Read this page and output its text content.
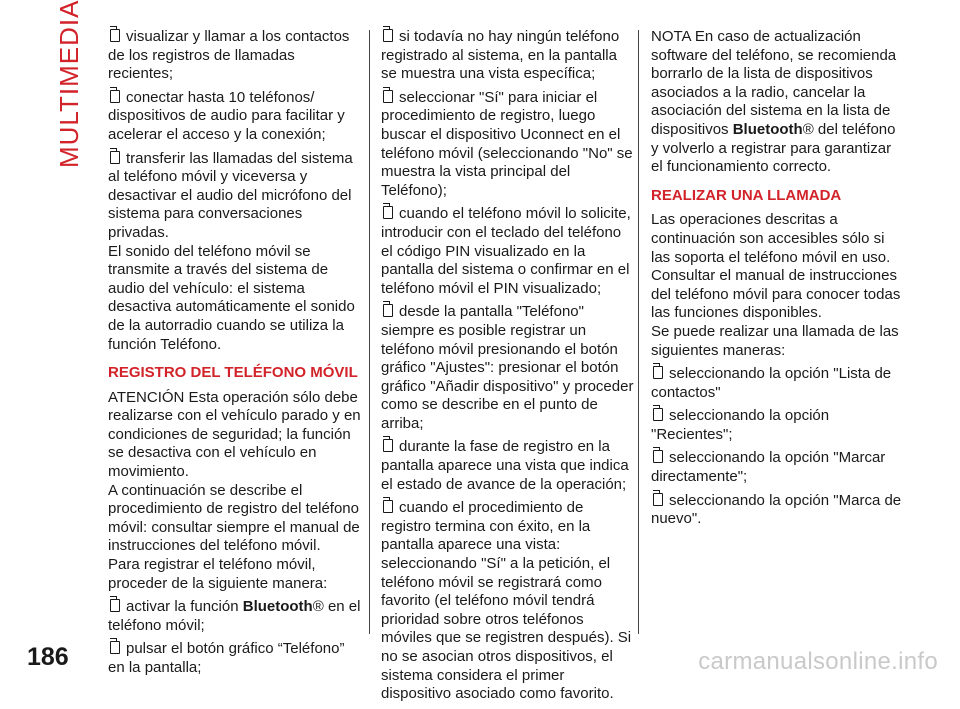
MULTIMEDIA	visualizar y llamar a los contactos de los registros de llamadas recientes;

conectar hasta 10 teléfonos/ dispositivos de audio para facilitar y acelerar el acceso y la conexión;

transferir las llamadas del sistema al teléfono móvil y viceversa y desactivar el audio del micrófono del sistema para conversaciones privadas.

El sonido del teléfono móvil se transmite a través del sistema de audio del vehículo: el sistema desactiva automáticamente el sonido de la autorradio cuando se utiliza la función Teléfono.

REGISTRO DEL TELÉFONO MÓVIL

ATENCIÓN Esta operación sólo debe realizarse con el vehículo parado y en condiciones de seguridad; la función se desactiva con el vehículo en movimiento.

A continuación se describe el procedimiento de registro del teléfono móvil: consultar siempre el manual de instrucciones del teléfono móvil.

Para registrar el teléfono móvil, proceder de la siguiente manera:

activar la función Bluetooth® en el teléfono móvil;

pulsar el botón gráfico “Teléfono” en la pantalla;

si todavía no hay ningún teléfono registrado al sistema, en la pantalla se muestra una vista específica;

seleccionar "Sí" para iniciar el procedimiento de registro, luego buscar el dispositivo Uconnect en el teléfono móvil (seleccionando "No" se muestra la vista principal del Teléfono);

cuando el teléfono móvil lo solicite, introducir con el teclado del teléfono el código PIN visualizado en la pantalla del sistema o confirmar en el teléfono móvil el PIN visualizado;

desde la pantalla "Teléfono" siempre es posible registrar un teléfono móvil presionando el botón gráfico "Ajustes": presionar el botón gráfico "Añadir dispositivo" y proceder como se describe en el punto de arriba;

durante la fase de registro en la pantalla aparece una vista que indica el estado de avance de la operación;

cuando el procedimiento de registro termina con éxito, en la pantalla aparece una vista: seleccionando "Sí" a la petición, el teléfono móvil se registrará como favorito (el teléfono móvil tendrá prioridad sobre otros teléfonos móviles que se registren después). Si no se asocian otros dispositivos, el sistema considera el primer dispositivo asociado como favorito.

NOTA En caso de actualización software del teléfono, se recomienda borrarlo de la lista de dispositivos asociados a la radio, cancelar la asociación del sistema en la lista de dispositivos Bluetooth® del teléfono y volverlo a registrar para garantizar el funcionamiento correcto.

REALIZAR UNA LLAMADA

Las operaciones descritas a continuación son accesibles sólo si las soporta el teléfono móvil en uso. Consultar el manual de instrucciones del teléfono móvil para conocer todas las funciones disponibles.

Se puede realizar una llamada de las siguientes maneras:

seleccionando la opción "Lista de contactos"

seleccionando la opción "Recientes";

seleccionando la opción "Marcar directamente";

seleccionando la opción "Marca de nuevo".

186	carmanualsonline.info
